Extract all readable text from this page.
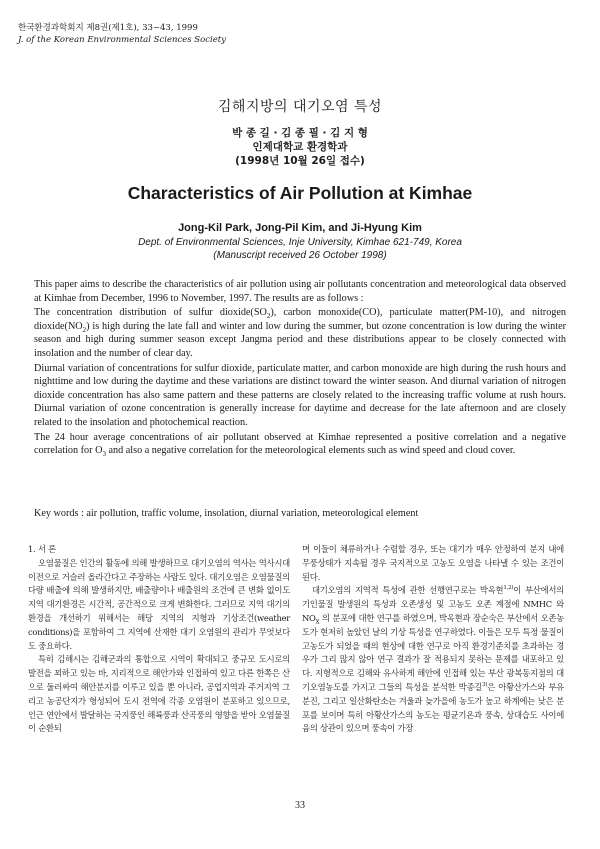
한국환경과학회지 제8권(제1호), 33~43, 1999
J. of the Korean Environmental Sciences Society
김해지방의 대기오염 특성
박 종 길 · 김 종 필 · 김 지 형
인제대학교 환경학과
(1998년 10월 26일 접수)
Characteristics of Air Pollution at Kimhae
Jong-Kil Park, Jong-Pil Kim, and Ji-Hyung Kim
Dept. of Environmental Sciences, Inje University, Kimhae 621-749, Korea
(Manuscript received 26 October 1998)

This paper aims to describe the characteristics of air pollution using air pollutants concentration and meteorological data observed at Kimhae from December, 1996 to November, 1997. The results are as follows :

The concentration distribution of sulfur $dioxide(SO_2)$, carbon monoxide(CO), particulate matter(PM-10), and nitrogen $dioxide(NO_2)$ is high during the late fall and winter and low during the summer, but ozone concentration is low during the winter season and high during summer season except Jangma period and these distributions appear to be closely connected with insolation and the number of clear day.

Diurnal variation of concentrations for sulfur dioxide, particulate matter, and carbon monoxide are high during the rush hours and nighttime and low during the daytime and these variations are distinct toward the winter season. And diurnal variation of nitrogen dioxide concentration has also same pattern and these patterns are closely related to the increasing traffic volume at rush hours. Diurnal variation of ozone concentration is generally increase for daytime and decrease for the late afternoon and are closely related to the insolation and photochemical reaction.

The 24 hour average concentrations of air pollutant observed at Kimhae represented a positive correlation and a negative correlation for $O_3$ and also a negative correlation for the meteorological elements such as wind speed and cloud cover.

Key words : air pollution, traffic volume, insolation, diurnal variation, meteorological element

1. 서 론

오염물질은 인간의 활동에 의해 발생하므로 대기오염의 역사는 역사시대 이전으로 거슬러 올라간다고 주장하는 사람도 있다. 대기오염은 오염물질의 다량 배출에 의해 발생하지만, 배출량이나 배출원의 조건에 큰 변화 없이도 지역 대기환경은 시간적, 공간적으로 크게 변화한다. 그러므로 지역 대기의 환경을 개선하기 위해서는 해당 지역의 지형과 기상조건(weather conditions)을 포함하여 그 지역에 산재한 대기 오염원의 관리가 무엇보다도 중요하다.

특히 김해시는 김해군과의 통합으로 시역이 확대되고 중규모 도시로의 발전을 꾀하고 있는 바, 지리적으로 해안가와 인접하여 있고 다른 한쪽은 산으로 둘러싸여 해안분지를 이루고 있을 뿐 아니라, 공업지역과 주거지역 그리고 농공단지가 형성되어 도시 전역에 각종 오염원이 분포하고 있으므로, 인근 연안에서 발달하는 국지풍인 해륙풍과 산곡풍의 영향을 받아 오염물질이 순환되

며 이들이 체류하거나 수렴할 경우, 또는 대기가 매우 안정하여 분지 내에 무풍상태가 지속될 경우 국지적으로 고농도 오염을 나타낼 수 있는 조건이 된다.

대기오염의 지역적 특성에 관한 선행연구로는 박옥현$^{1,2)}$이 부산에서의 기인물질 발생원의 특성과 오존생성 및 고농도 오존 계절에 NMHC 와 $NO_x$ 의 분포에 대한 연구를 하였으며, 박옥현과 장순숙은 부산에서 오존농도가 현저히 높았던 날의 기상 특성을 연구하였다. 이들은 모두 특정 물질이 고농도가 되었을 때의 현상에 대한 연구로 아직 환경기준치를 초과하는 경우가 그리 많지 않아 연구 결과가 잘 적용되지 못하는 문제를 내포하고 있다. 지형적으로 김해와 유사하게 해안에 인접해 있는 부산 광복동지점의 대기오염농도를 가지고 그들의 특성을 분석한 박종길$^{3)}$은 아황산가스와 부유분진, 그리고 일산화탄소는 겨울과 늦가을에 농도가 높고 하계에는 낮은 분포를 보이며 특히 아황산가스의 농도는 평균기온과 풍속, 상대습도 사이에 음의 상관이 있으며 풍속이 가장

33
